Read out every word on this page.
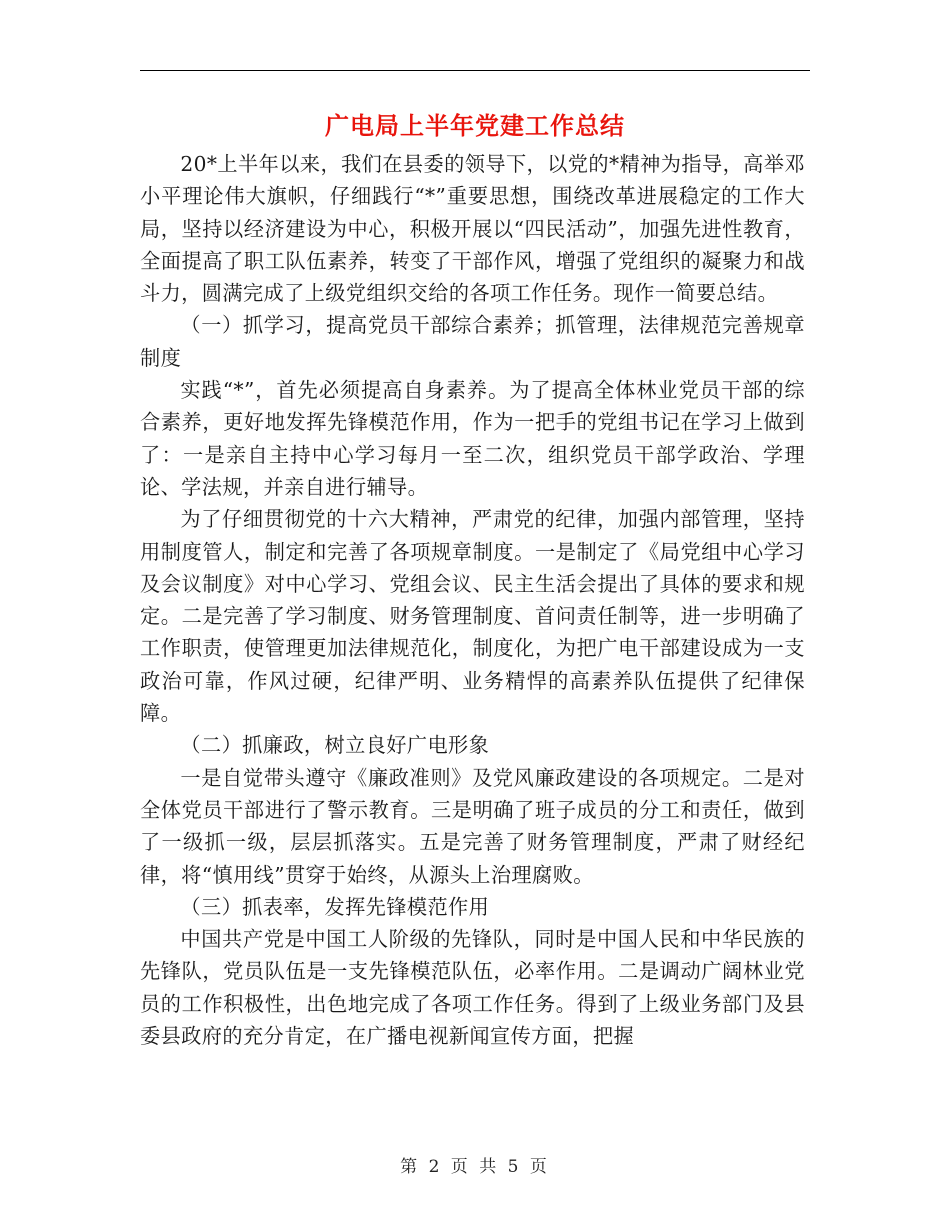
广电局上半年党建工作总结

20*上半年以来，我们在县委的领导下，以党的*精神为指导，高举邓小平理论伟大旗帜，仔细践行“*”重要思想，围绕改革进展稳定的工作大局，坚持以经济建设为中心，积极开展以“四民活动”，加强先进性教育，全面提高了职工队伍素养，转变了干部作风，增强了党组织的凝聚力和战斗力，圆满完成了上级党组织交给的各项工作任务。现作一简要总结。

（一）抓学习，提高党员干部综合素养；抓管理，法律规范完善规章制度

实践“*”，首先必须提高自身素养。为了提高全体林业党员干部的综合素养，更好地发挥先锋模范作用，作为一把手的党组书记在学习上做到了：一是亲自主持中心学习每月一至二次，组织党员干部学政治、学理论、学法规，并亲自进行辅导。

为了仔细贯彻党的十六大精神，严肃党的纪律，加强内部管理，坚持用制度管人，制定和完善了各项规章制度。一是制定了《局党组中心学习及会议制度》对中心学习、党组会议、民主生活会提出了具体的要求和规定。二是完善了学习制度、财务管理制度、首问责任制等，进一步明确了工作职责，使管理更加法律规范化，制度化，为把广电干部建设成为一支政治可靠，作风过硬，纪律严明、业务精悍的高素养队伍提供了纪律保障。

（二）抓廉政，树立良好广电形象

一是自觉带头遵守《廉政准则》及党风廉政建设的各项规定。二是对全体党员干部进行了警示教育。三是明确了班子成员的分工和责任，做到了一级抓一级，层层抓落实。五是完善了财务管理制度，严肃了财经纪律，将“慎用线”贯穿于始终，从源头上治理腐败。

（三）抓表率，发挥先锋模范作用

中国共产党是中国工人阶级的先锋队，同时是中国人民和中华民族的先锋队，党员队伍是一支先锋模范队伍，必率作用。二是调动广阔林业党员的工作积极性，出色地完成了各项工作任务。得到了上级业务部门及县委县政府的充分肯定，在广播电视新闻宣传方面，把握

第 2 页 共 5 页
